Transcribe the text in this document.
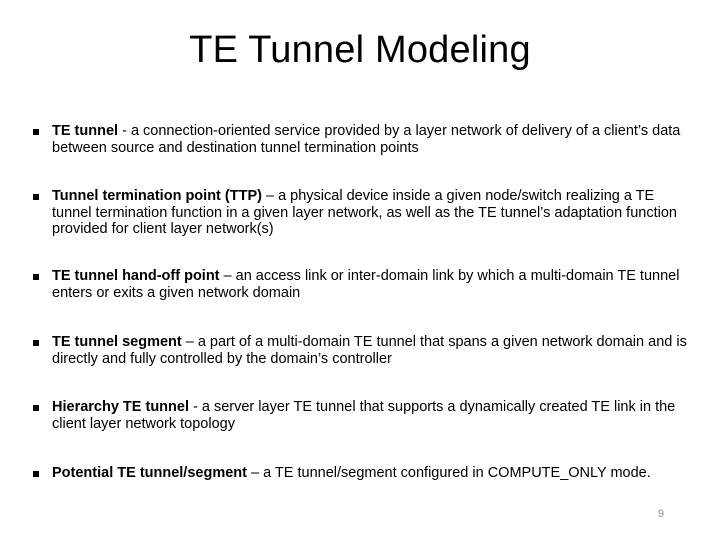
TE Tunnel Modeling
TE tunnel - a connection-oriented service provided by a layer network of delivery of a client’s data between source and destination tunnel termination points
Tunnel termination point (TTP) – a physical device inside a given node/switch realizing a TE tunnel termination function in a given layer network, as well as the TE tunnel’s adaptation function provided for client layer network(s)
TE tunnel hand-off point – an access link or inter-domain link by which a multi-domain TE tunnel enters or exits a given network domain
TE tunnel segment – a part of a multi-domain TE tunnel that spans a given network domain and is directly and fully controlled by the domain’s controller
Hierarchy TE tunnel - a server layer TE tunnel that supports a dynamically created TE link in the client layer network topology
Potential TE tunnel/segment – a TE tunnel/segment configured in COMPUTE_ONLY mode.
9
